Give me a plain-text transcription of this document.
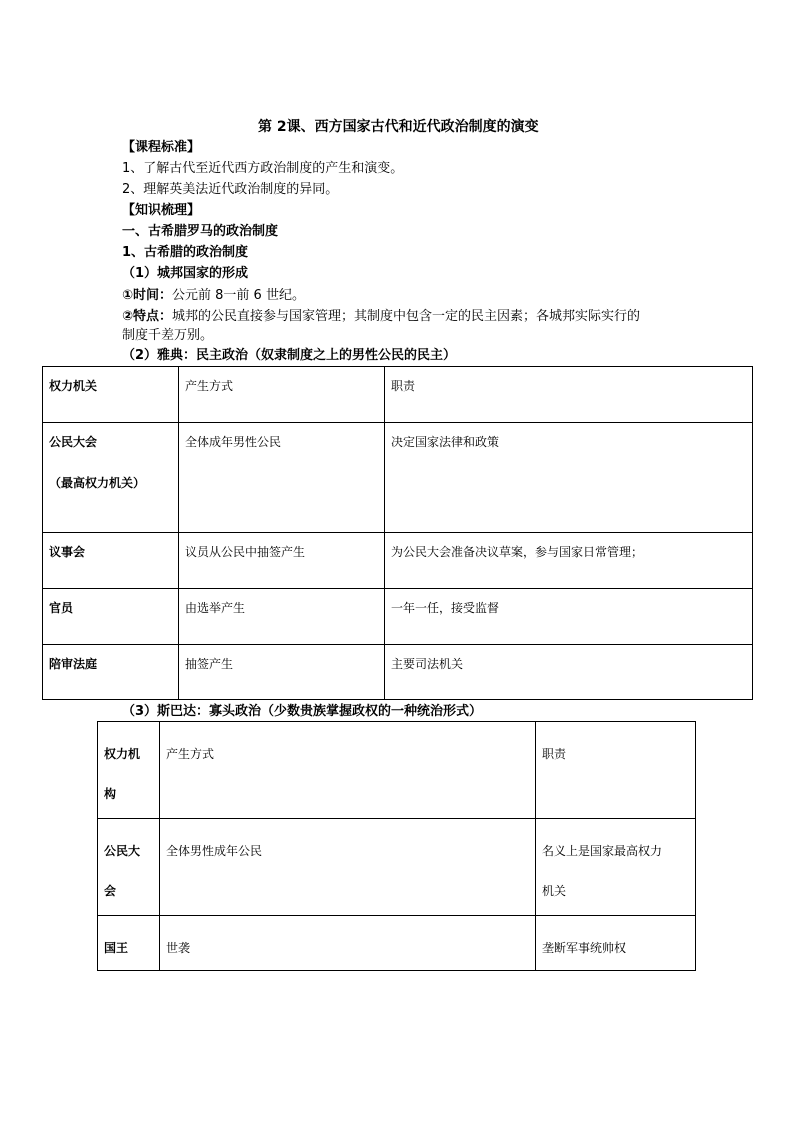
第 2课、西方国家古代和近代政治制度的演变
【课程标准】
1、了解古代至近代西方政治制度的产生和演变。
2、理解英美法近代政治制度的异同。
【知识梳理】
一、古希腊罗马的政治制度
1、古希腊的政治制度
（1）城邦国家的形成
①时间：公元前 8一前 6 世纪。
②特点：城邦的公民直接参与国家管理；其制度中包含一定的民主因素；各城邦实际实行的
制度千差万别。
（2）雅典：民主政治（奴隶制度之上的男性公民的民主）
权力机关	产生方式	职责
公民大会
（最高权力机关）	全体成年男性公民	决定国家法律和政策
议事会	议员从公民中抽签产生	为公民大会准备决议草案，参与国家日常管理；
官员	由选举产生	一年一任，接受监督
陪审法庭	抽签产生	主要司法机关
（3）斯巴达：寡头政治（少数贵族掌握政权的一种统治形式）
权力机
构	产生方式	职责

公民大
会	全体男性成年公民	名义上是国家最高权力
机关

国王	世袭	垄断军事统帅权
